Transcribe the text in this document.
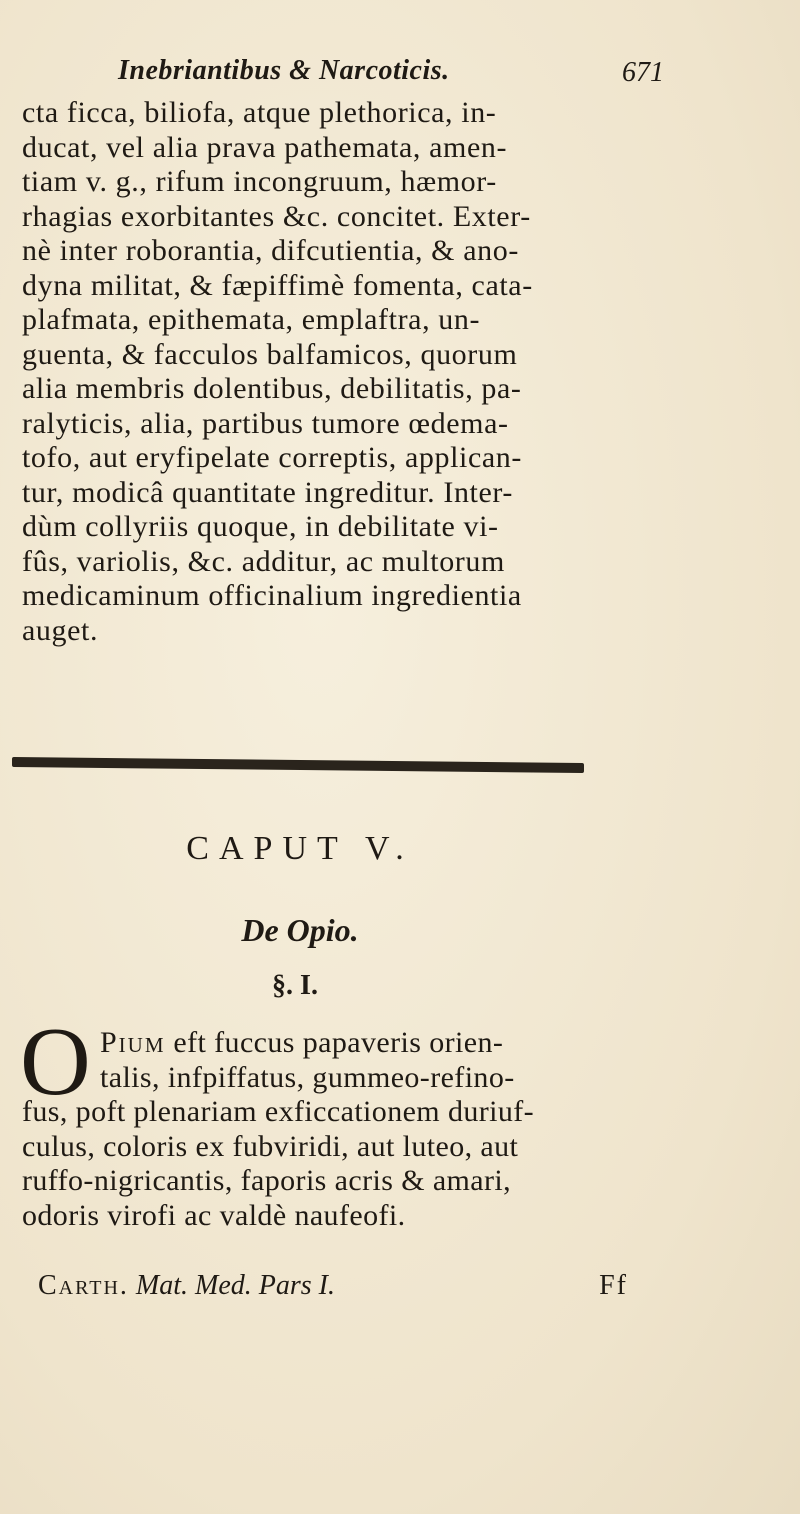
Inebriantibus & Narcoticis.	671
cta ficca, biliofa, atque plethorica, in-
ducat, vel alia prava pathemata, amen-
tiam v. g., rifum incongruum, hæmor-
rhagias exorbitantes &c. concitet. Exter-
nè inter roborantia, difcutientia, & ano-
dyna militat, & fæpiffimè fomenta, cata-
plafmata, epithemata, emplaftra, un-
guenta, & facculos balfamicos, quorum
alia membris dolentibus, debilitatis, pa-
ralyticis, alia, partibus tumore œdema-
tofo, aut eryfipelate correptis, applican-
tur, modicâ quantitate ingreditur. Inter-
dùm collyriis quoque, in debilitate vi-
fûs, variolis, &c. additur, ac multorum
medicaminum officinalium ingredientia
auget.
CAPUT V.
De Opio.
§. I.
O Pium eft fuccus papaveris orien-
talis, infpiffatus, gummeo-refino-
fus, poft plenariam exficcationem duriuf-
culus, coloris ex fubviridi, aut luteo, aut
ruffo-nigricantis, faporis acris & amari,
odoris virofi ac valdè naufeofi.
Carth. Mat. Med. Pars I.	Ff
